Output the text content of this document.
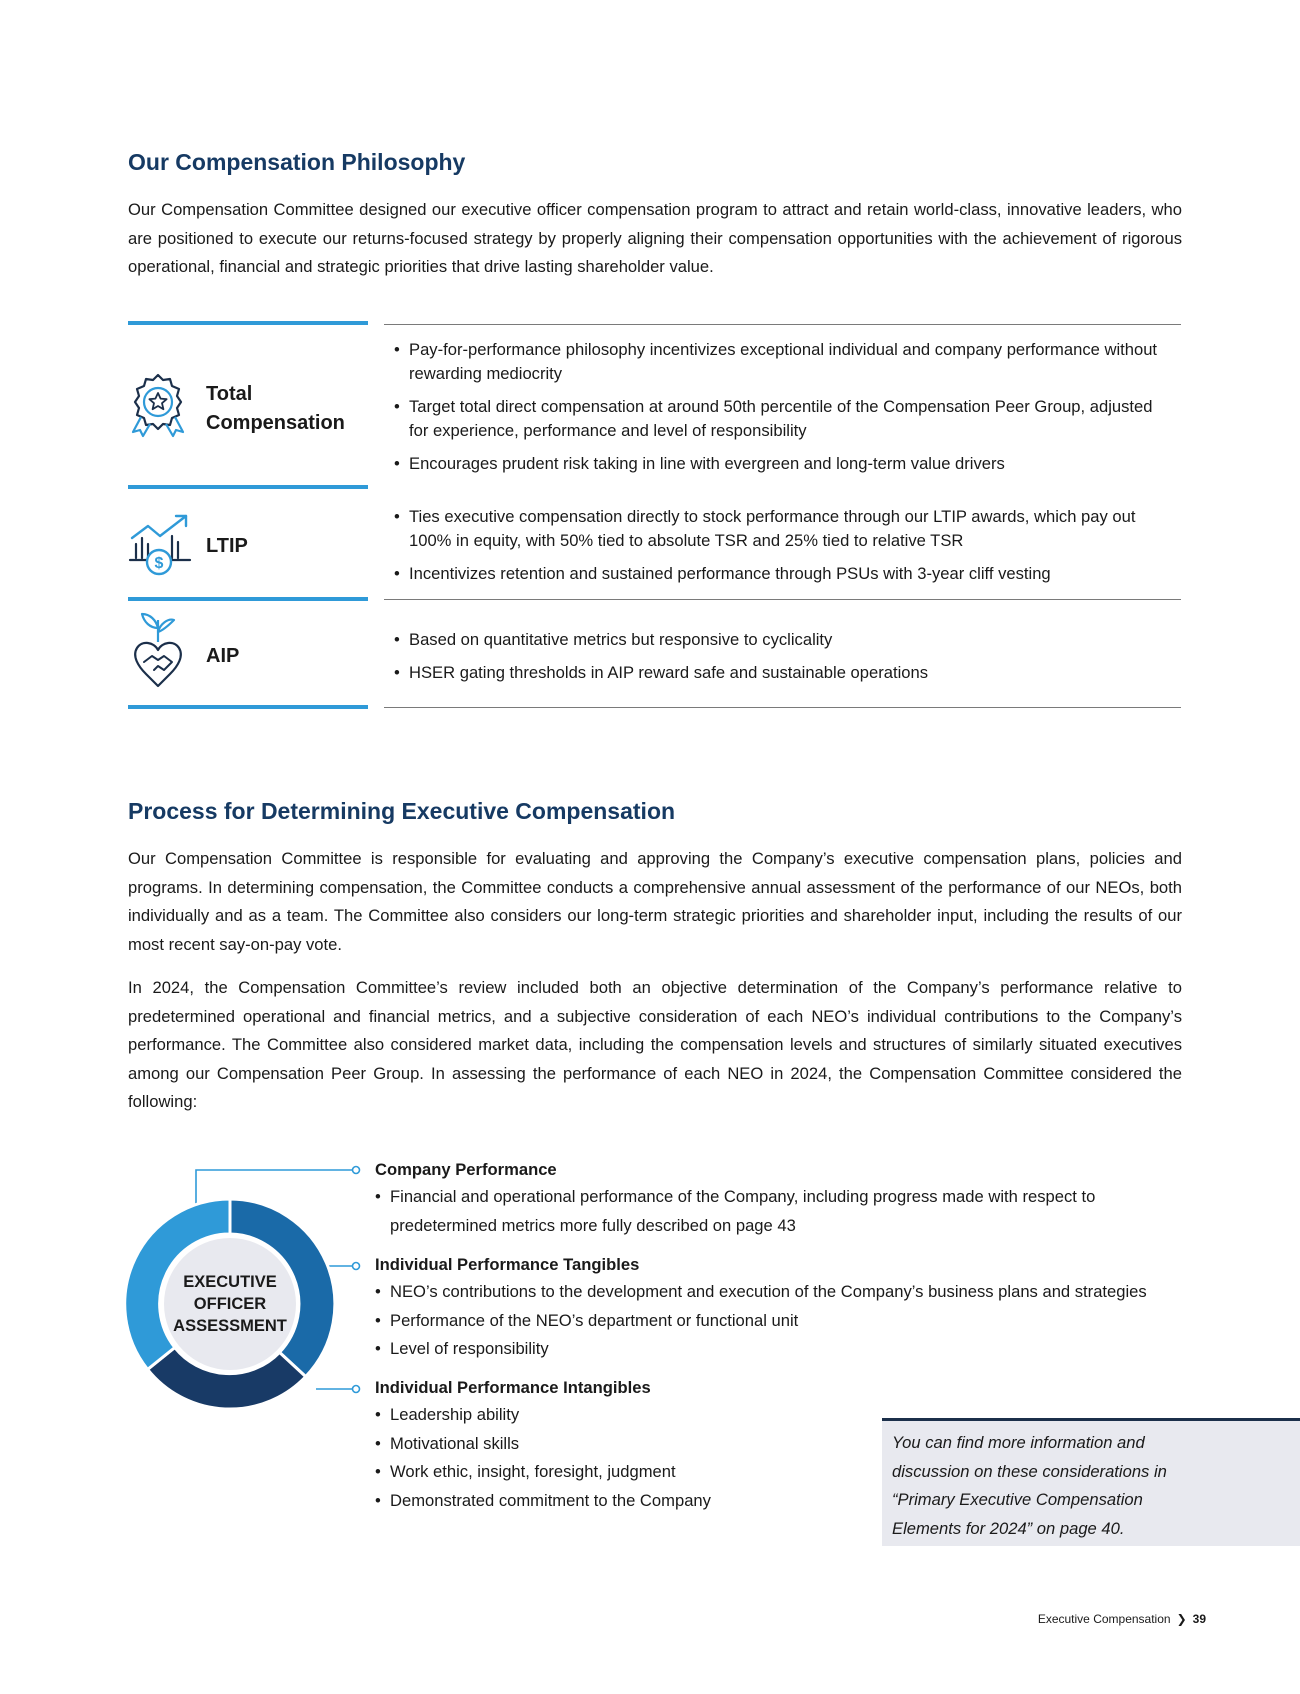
Our Compensation Philosophy

Our Compensation Committee designed our executive officer compensation program to attract and retain world-class, innovative leaders, who are positioned to execute our returns-focused strategy by properly aligning their compensation opportunities with the achievement of rigorous operational, financial and strategic priorities that drive lasting shareholder value.

Total

Compensation

• Pay-for-performance philosophy incentivizes exceptional individual and company performance without rewarding mediocrity
• Target total direct compensation at around 50th percentile of the Compensation Peer Group, adjusted for experience, performance and level of responsibility
• Encourages prudent risk taking in line with evergreen and long-term value drivers
$

LTIP

• Ties executive compensation directly to stock performance through our LTIP awards, which pay out 100% in equity, with 50% tied to absolute TSR and 25% tied to relative TSR
• Incentivizes retention and sustained performance through PSUs with 3-year cliff vesting

AIP

• Based on quantitative metrics but responsive to cyclicality
• HSER gating thresholds in AIP reward safe and sustainable operations
Process for Determining Executive Compensation

Our Compensation Committee is responsible for evaluating and approving the Company’s executive compensation plans, policies and programs. In determining compensation, the Committee conducts a comprehensive annual assessment of the performance of our NEOs, both individually and as a team. The Committee also considers our long-term strategic priorities and shareholder input, including the results of our most recent say-on-pay vote.

In 2024, the Compensation Committee’s review included both an objective determination of the Company’s performance relative to predetermined operational and financial metrics, and a subjective consideration of each NEO’s individual contributions to the Company’s performance. The Committee also considered market data, including the compensation levels and structures of similarly situated executives among our Compensation Peer Group. In assessing the performance of each NEO in 2024, the Compensation Committee considered the following:

EXECUTIVE
OFFICER
ASSESSMENT

Company Performance

• Financial and operational performance of the Company, including progress made with respect to predetermined metrics more fully described on page 43

Individual Performance Tangibles

• NEO’s contributions to the development and execution of the Company’s business plans and strategies
• Performance of the NEO’s department or functional unit
• Level of responsibility

Individual Performance Intangibles

• Leadership ability
• Motivational skills
• Work ethic, insight, foresight, judgment
• Demonstrated commitment to the Company

You can find more information and discussion on these considerations in “Primary Executive Compensation Elements for 2024” on page 40.

Executive Compensation ❯ 39
